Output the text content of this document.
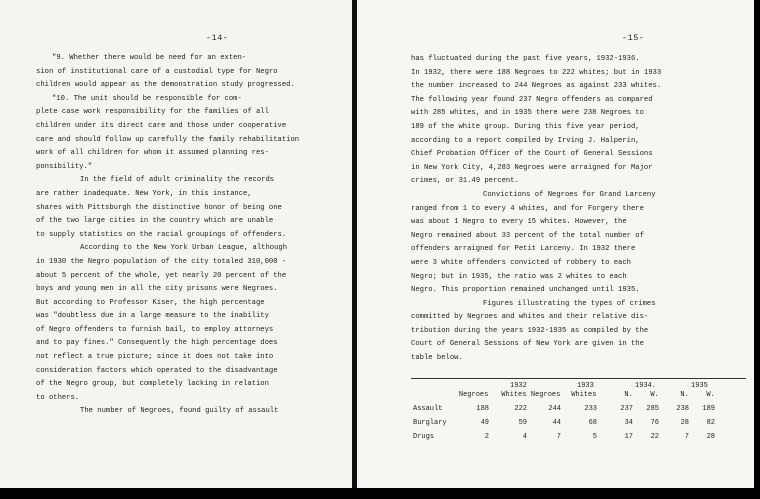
-14-
"9. Whether there would be need for an exten-
sion of institutional care of a custodial type for Negro
children would appear as the demonstration study progressed.
"10. The unit should be responsible for com-
plete case work responsibility for the families of all
children under its direct care and those under cooperative
care and should follow up carefully the family rehabilitation
work of all children for whom it assumed planning res-
ponsibility."
In the field of adult criminality the records
are rather inadequate. New York, in this instance,
shares with Pittsburgh the distinctive honor of being one
of the two large cities in the country which are unable
to supply statistics on the racial groupings of offenders.
According to the New York Urban League, although
in 1930 the Negro population of the city totaled 310,000 -
about 5 percent of the whole, yet nearly 20 percent of the
boys and young men in all the city prisons were Negroes.
But according to Professor Kiser, the high percentage
was "doubtless due in a large measure to the inability
of Negro offenders to furnish bail, to employ attorneys
and to pay fines." Consequently the high percentage does
not reflect a true picture; since it does not take into
consideration factors which operated to the disadvantage
of the Negro group, but completely lacking in relation
to others.
The number of Negroes, found guilty of assault
-15-
has fluctuated during the past five years, 1932-1936.
In 1932, there were 188 Negroes to 222 whites; but in 1933
the number increased to 244 Negroes as against 233 whites.
The following year found 237 Negro offenders as compared
with 285 whites, and in 1935 there were 238 Negroes to
189 of the white group. During this five year period,
according to a report compiled by Irving J. Halperin,
Chief Probation Officer of the Court of General Sessions
in New York City, 4,283 Negroes were arraigned for Major
crimes, or 31.49 percent.
Convictions of Negroes for Grand Larceny
ranged from 1 to every 4 whites, and for Forgery there
was about 1 Negro to every 15 whites. However, the
Negro remained about 33 percent of the total number of
offenders arraigned for Petit Larceny. In 1932 there
were 3 white offenders convicted of robbery to each
Negro; but in 1935, the ratio was 2 whites to each
Negro. This proportion remained unchanged until 1935.
Figures illustrating the types of crimes
committed by Negroes and whites and their relative dis-
tribution during the years 1932-1935 as compiled by the
Court of General Sessions of New York are given in the
table below.
1932	1933	1934.	1935
Negroes Whites Negroes Whites	N.	W.	N.	W.
Assault	188	222	244	233	237	285	238	189
Burglary	49	59	44	68	34	76	28	82
Drugs	2	4	7	5	17	22	7	28
